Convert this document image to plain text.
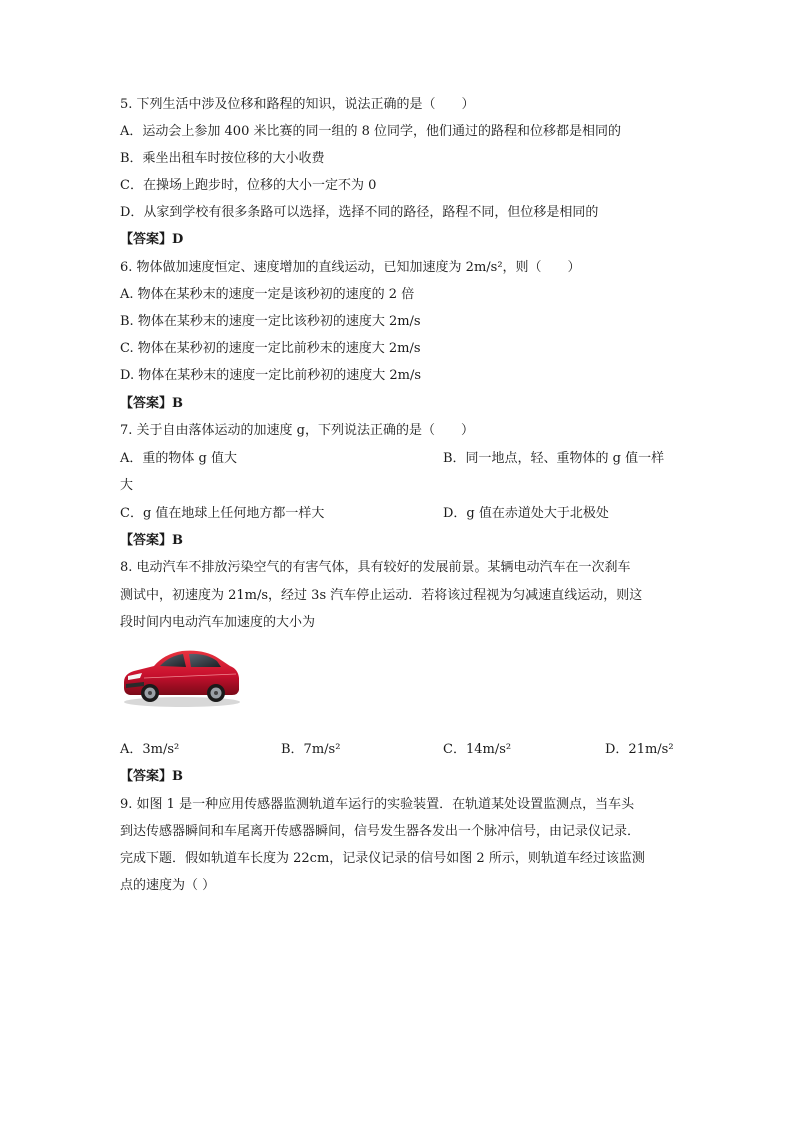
5. 下列生活中涉及位移和路程的知识，说法正确的是（　　）
A．运动会上参加 400 米比赛的同一组的 8 位同学，他们通过的路程和位移都是相同的
B．乘坐出租车时按位移的大小收费
C．在操场上跑步时，位移的大小一定不为 0
D．从家到学校有很多条路可以选择，选择不同的路径，路程不同，但位移是相同的
【答案】D
6. 物体做加速度恒定、速度增加的直线运动，已知加速度为 2m/s²，则（　　）
A. 物体在某秒末的速度一定是该秒初的速度的 2 倍
B. 物体在某秒末的速度一定比该秒初的速度大 2m/s
C. 物体在某秒初的速度一定比前秒末的速度大 2m/s
D. 物体在某秒末的速度一定比前秒初的速度大 2m/s
【答案】B
7. 关于自由落体运动的加速度 g，下列说法正确的是（　　）
A．重的物体 g 值大	B．同一地点，轻、重物体的 g 值一样
大
C．g 值在地球上任何地方都一样大	D．g 值在赤道处大于北极处
【答案】B
8. 电动汽车不排放污染空气的有害气体，具有较好的发展前景。某辆电动汽车在一次刹车
测试中，初速度为 21m/s，经过 3s 汽车停止运动．若将该过程视为匀减速直线运动，则这
段时间内电动汽车加速度的大小为
A．3m/s²	B．7m/s²	C．14m/s²	D．21m/s²
【答案】B
9. 如图 1 是一种应用传感器监测轨道车运行的实验装置．在轨道某处设置监测点，当车头
到达传感器瞬间和车尾离开传感器瞬间，信号发生器各发出一个脉冲信号，由记录仪记录．
完成下题．假如轨道车长度为 22cm，记录仪记录的信号如图 2 所示，则轨道车经过该监测
点的速度为（ ）
